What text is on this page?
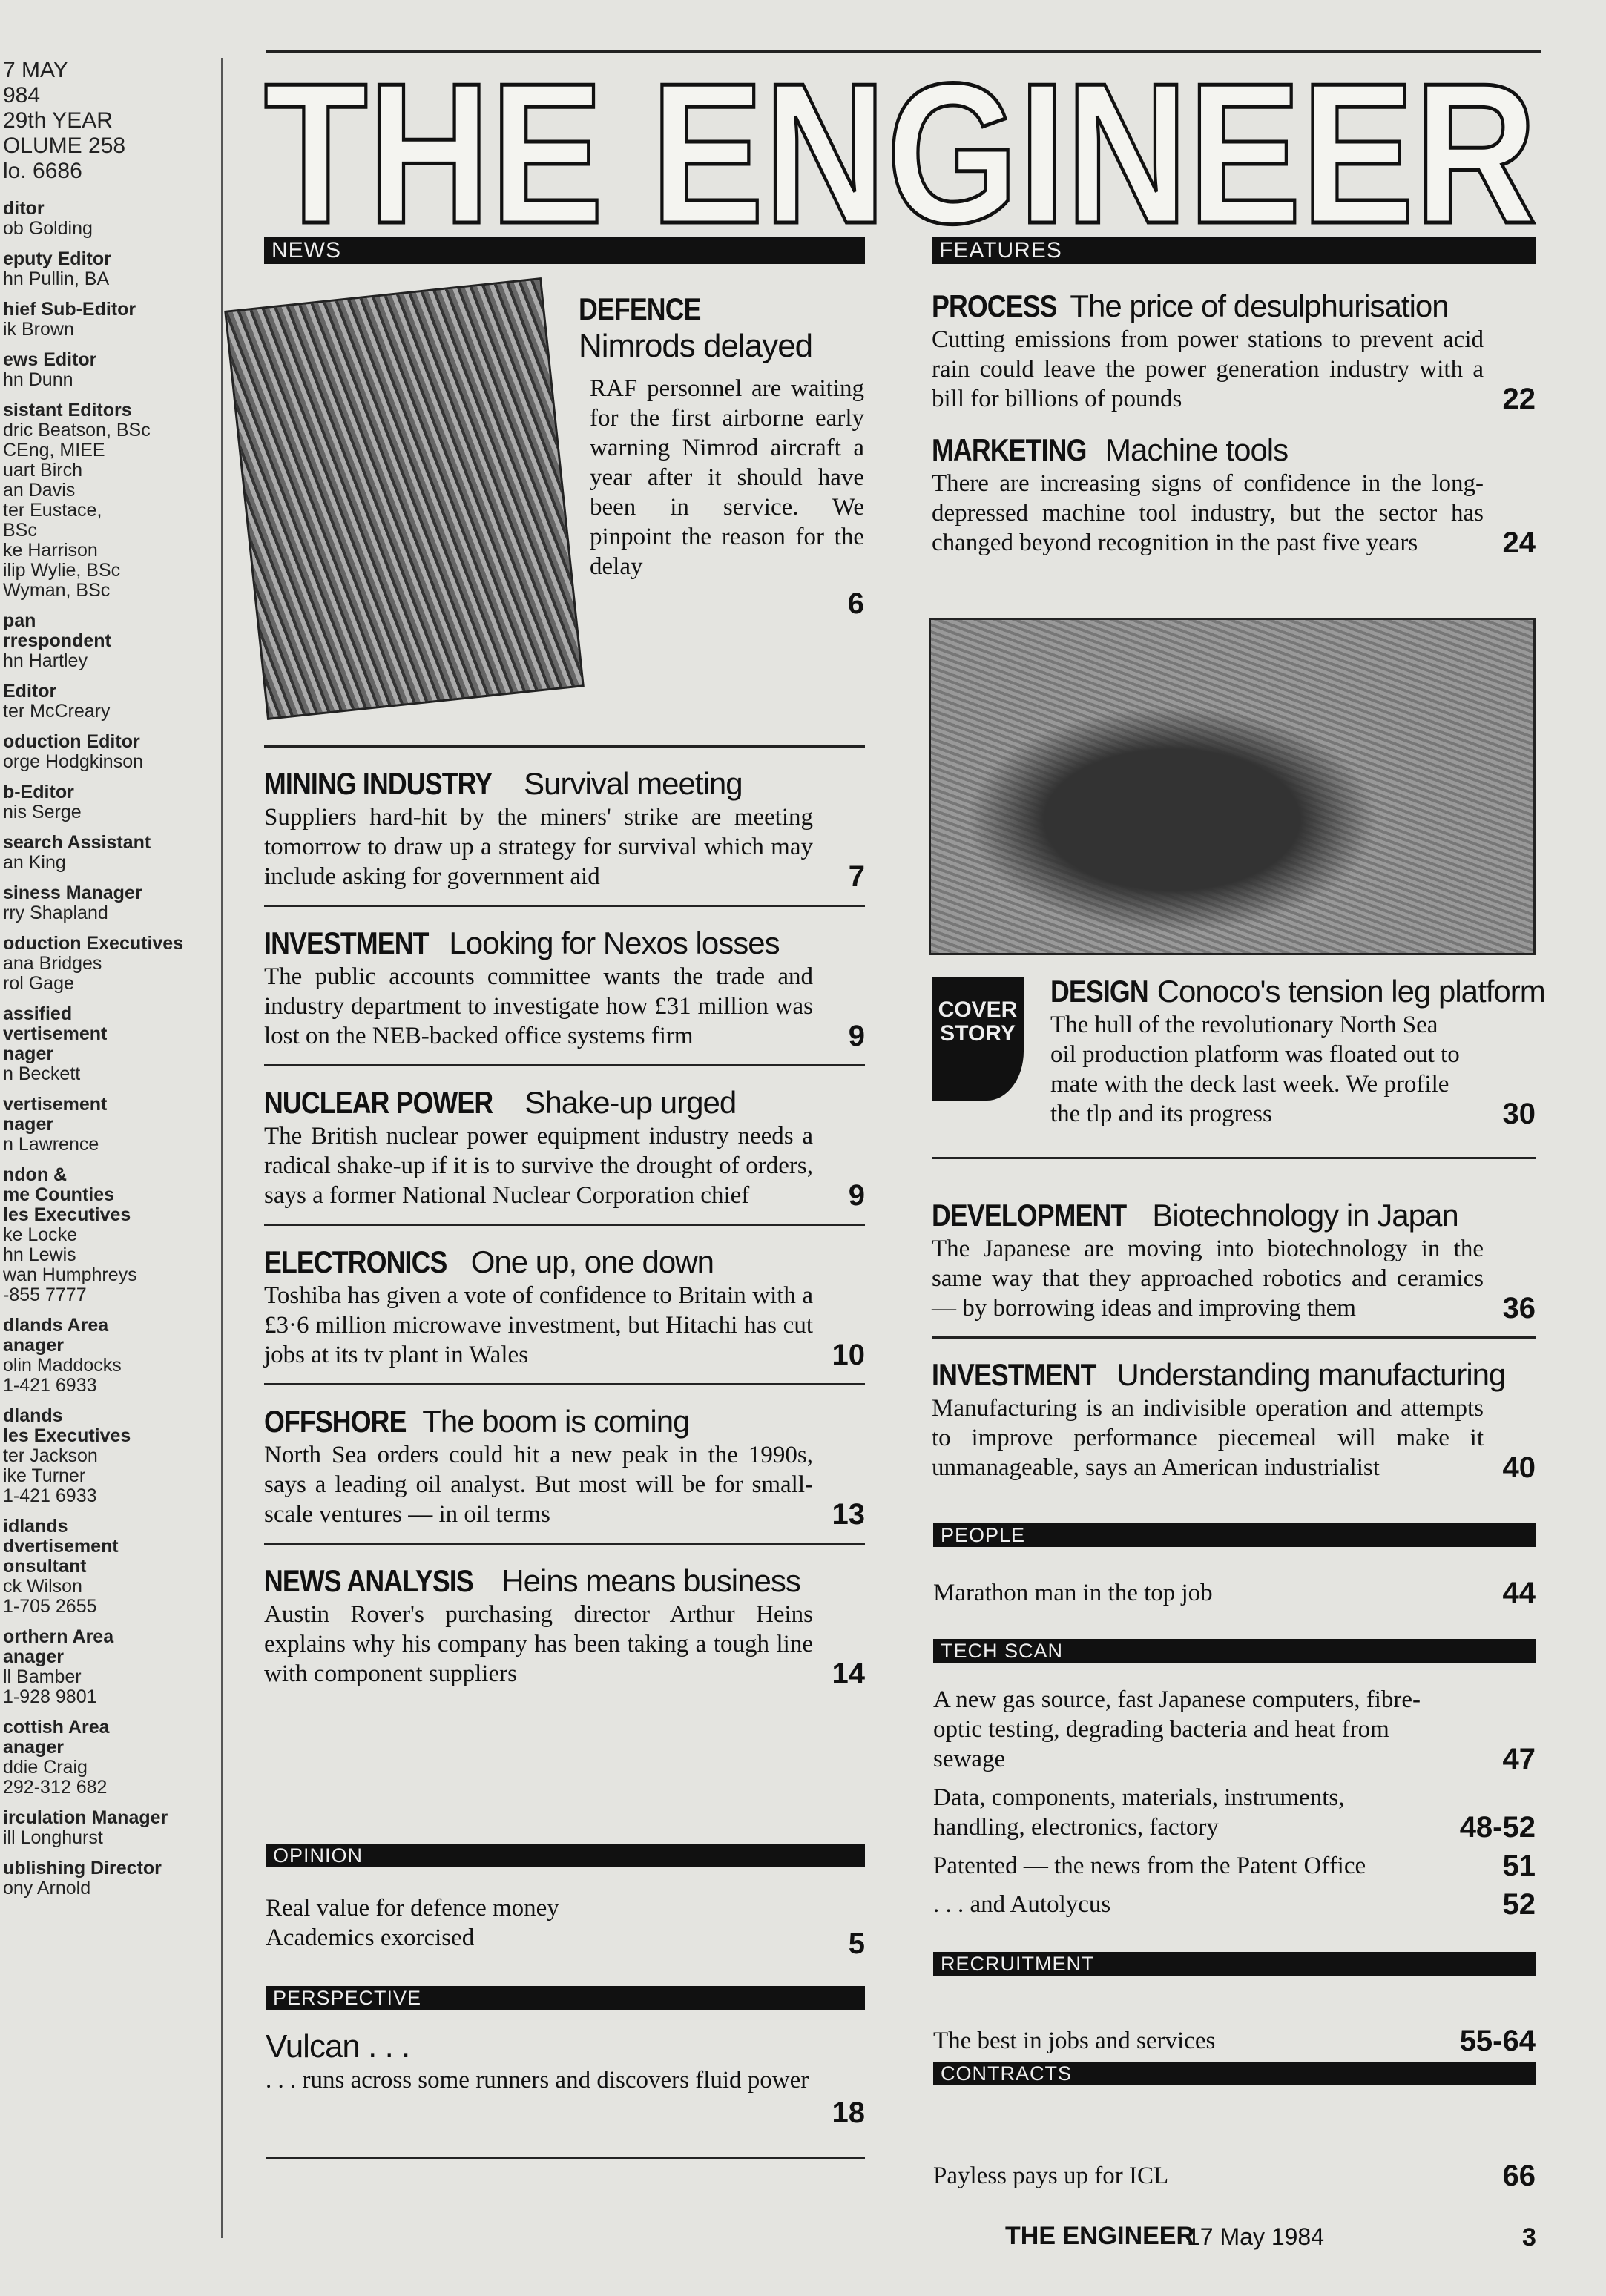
7 MAY
984
29th YEAR
OLUME 258
lo. 6686
ditor
ob Golding
eputy Editor
hn Pullin, BA
hief Sub-Editor
ik Brown
ews Editor
hn Dunn
sistant Editors
dric Beatson, BSc
CEng, MIEE
uart Birch
an Davis
ter Eustace,
BSc
ke Harrison
ilip Wylie, BSc
Wyman, BSc
pan
rrespondent
hn Hartley
Editor
ter McCreary
oduction Editor
orge Hodgkinson
b-Editor
nis Serge
search Assistant
an King
siness Manager
rry Shapland
oduction Executives
ana Bridges
rol Gage
assified
vertisement
nager
n Beckett
vertisement
nager
n Lawrence
ndon &
me Counties
les Executives
ke Locke
hn Lewis
wan Humphreys
-855 7777
dlands Area
anager
olin Maddocks
1-421 6933
dlands
les Executives
ter Jackson
ike Turner
1-421 6933
idlands
dvertisement
onsultant
ck Wilson
1-705 2655
orthern Area
anager
ll Bamber
1-928 9801
cottish Area
anager
ddie Craig
292-312 682
irculation Manager
ill Longhurst
ublishing Director
ony Arnold
THE ENGINEER
NEWS
DEFENCE
Nimrods delayed
RAF personnel are waiting for the first airborne early warning Nimrod aircraft a year after it should have been in service. We pinpoint the reason for the delay
6
MINING INDUSTRY Survival meeting
Suppliers hard-hit by the miners' strike are meeting tomorrow to draw up a strategy for survival which may include asking for government aid	7
INVESTMENT Looking for Nexos losses
The public accounts committee wants the trade and industry department to investigate how £31 million was lost on the NEB-backed office systems firm	9
NUCLEAR POWER Shake-up urged
The British nuclear power equipment industry needs a radical shake-up if it is to survive the drought of orders, says a former National Nuclear Corporation chief	9
ELECTRONICS One up, one down
Toshiba has given a vote of confidence to Britain with a £3·6 million microwave investment, but Hitachi has cut jobs at its tv plant in Wales	10
OFFSHORE The boom is coming
North Sea orders could hit a new peak in the 1990s, says a leading oil analyst. But most will be for small-scale ventures — in oil terms	13
NEWS ANALYSIS Heins means business
Austin Rover's purchasing director Arthur Heins explains why his company has been taking a tough line with component suppliers	14
OPINION
Real value for defence money
Academics exorcised	5
PERSPECTIVE
Vulcan . . .
. . . runs across some runners and discovers fluid power
18
FEATURES
PROCESS The price of desulphurisation
Cutting emissions from power stations to prevent acid rain could leave the power generation industry with a bill for billions of pounds	22
MARKETING Machine tools
There are increasing signs of confidence in the long-depressed machine tool industry, but the sector has changed beyond recognition in the past five years	24
COVER STORY
DESIGN Conoco's tension leg platform
The hull of the revolutionary North Sea oil production platform was floated out to mate with the deck last week. We profile the tlp and its progress	30
DEVELOPMENT Biotechnology in Japan
The Japanese are moving into biotechnology in the same way that they approached robotics and ceramics — by borrowing ideas and improving them	36
INVESTMENT Understanding manufacturing
Manufacturing is an indivisible operation and attempts to improve performance piecemeal will make it unmanageable, says an American industrialist	40
PEOPLE
Marathon man in the top job	44
TECH SCAN
A new gas source, fast Japanese computers, fibre-optic testing, degrading bacteria and heat from sewage	47
Data, components, materials, instruments, handling, electronics, factory	48-52
Patented — the news from the Patent Office	51
. . . and Autolycus	52
RECRUITMENT
The best in jobs and services	55-64
CONTRACTS
Payless pays up for ICL	66
THE ENGINEER
17 May 1984	3
